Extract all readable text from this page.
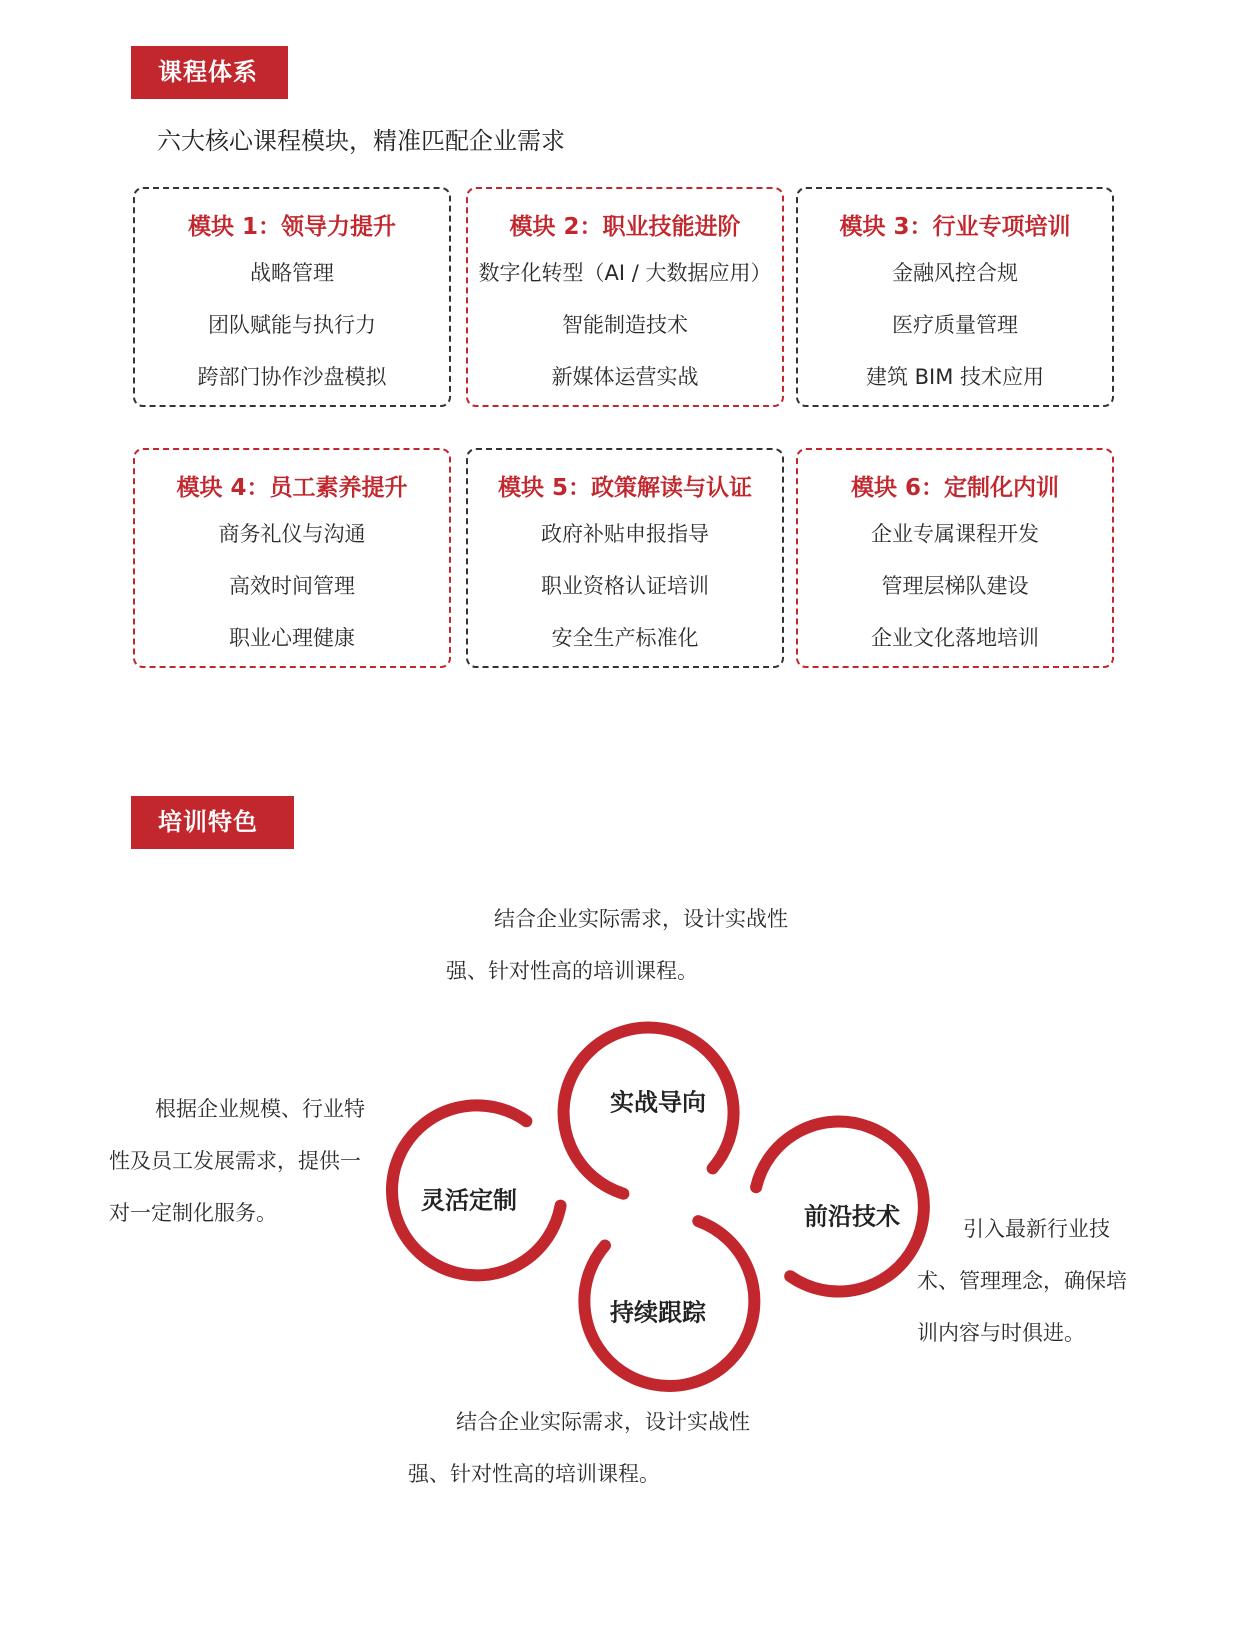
课程体系
六大核心课程模块，精准匹配企业需求
模块 1：领导力提升
战略管理
团队赋能与执行力
跨部门协作沙盘模拟
模块 2：职业技能进阶
数字化转型（AI / 大数据应用）
智能制造技术
新媒体运营实战
模块 3：行业专项培训
金融风控合规
医疗质量管理
建筑 BIM 技术应用
模块 4：员工素养提升
商务礼仪与沟通
高效时间管理
职业心理健康
模块 5：政策解读与认证
政府补贴申报指导
职业资格认证培训
安全生产标准化
模块 6：定制化内训
企业专属课程开发
管理层梯队建设
企业文化落地培训
培训特色
实战导向
灵活定制
前沿技术
持续跟踪

结合企业实际需求，设计实战性

强、针对性高的培训课程。

根据企业规模、行业特

性及员工发展需求，提供一

对一定制化服务。

引入最新行业技

术、管理理念，确保培

训内容与时俱进。

结合企业实际需求，设计实战性

强、针对性高的培训课程。
